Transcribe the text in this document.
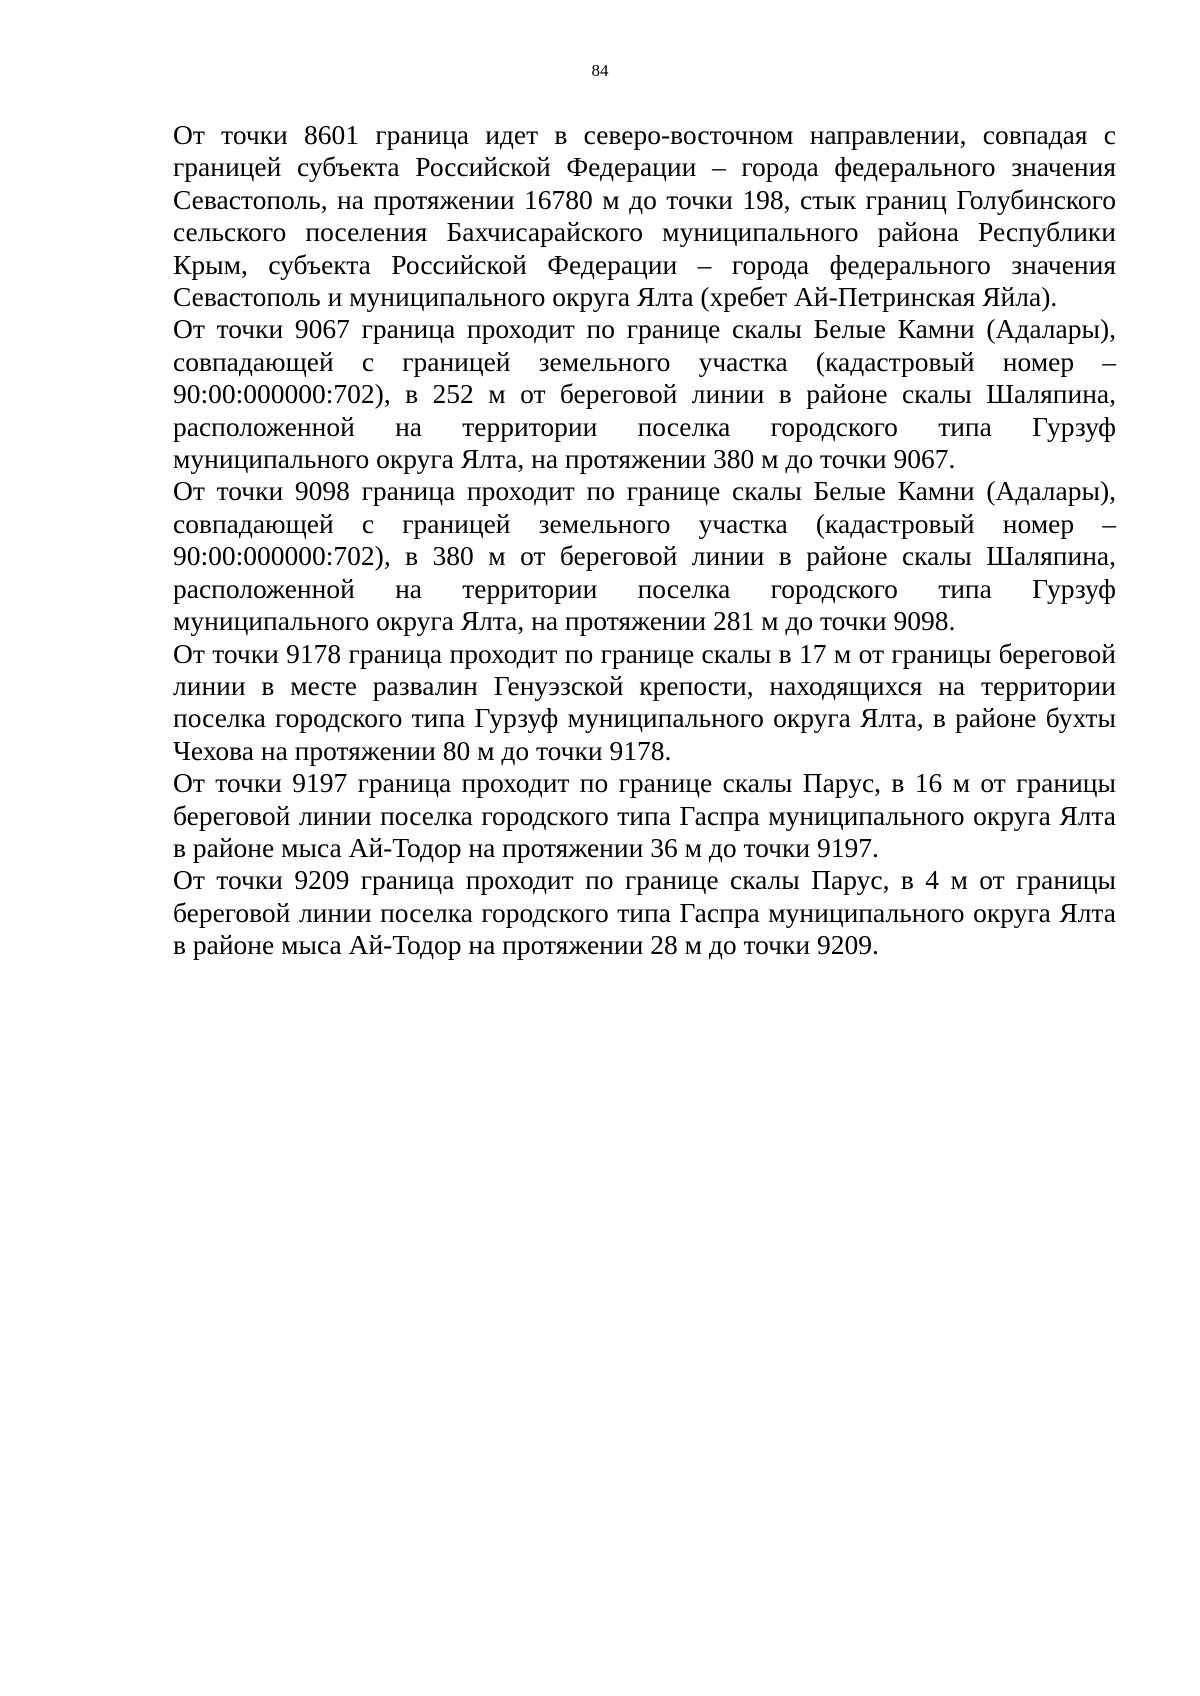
84

От точки 8601 граница идет в северо-восточном направлении, совпадая с границей субъекта Российской Федерации – города федерального значения Севастополь, на протяжении 16780 м до точки 198, стык границ Голубинского сельского поселения Бахчисарайского муниципального района Республики Крым, субъекта Российской Федерации – города федерального значения Севастополь и муниципального округа Ялта (хребет Ай-Петринская Яйла).

От точки 9067 граница проходит по границе скалы Белые Камни (Адалары), совпадающей с границей земельного участка (кадастровый номер – 90:00:000000:702), в 252 м от береговой линии в районе скалы Шаляпина, расположенной на территории поселка городского типа Гурзуф муниципального округа Ялта, на протяжении 380 м до точки 9067.

От точки 9098 граница проходит по границе скалы Белые Камни (Адалары), совпадающей с границей земельного участка (кадастровый номер – 90:00:000000:702), в 380 м от береговой линии в районе скалы Шаляпина, расположенной на территории поселка городского типа Гурзуф муниципального округа Ялта, на протяжении 281 м до точки 9098.

От точки 9178 граница проходит по границе скалы в 17 м от границы береговой линии в месте развалин Генуэзской крепости, находящихся на территории поселка городского типа Гурзуф муниципального округа Ялта, в районе бухты Чехова на протяжении 80 м до точки 9178.

От точки 9197 граница проходит по границе скалы Парус, в 16 м от границы береговой линии поселка городского типа Гаспра муниципального округа Ялта в районе мыса Ай-Тодор на протяжении 36 м до точки 9197.

От точки 9209 граница проходит по границе скалы Парус, в 4 м от границы береговой линии поселка городского типа Гаспра муниципального округа Ялта в районе мыса Ай-Тодор на протяжении 28 м до точки 9209.
